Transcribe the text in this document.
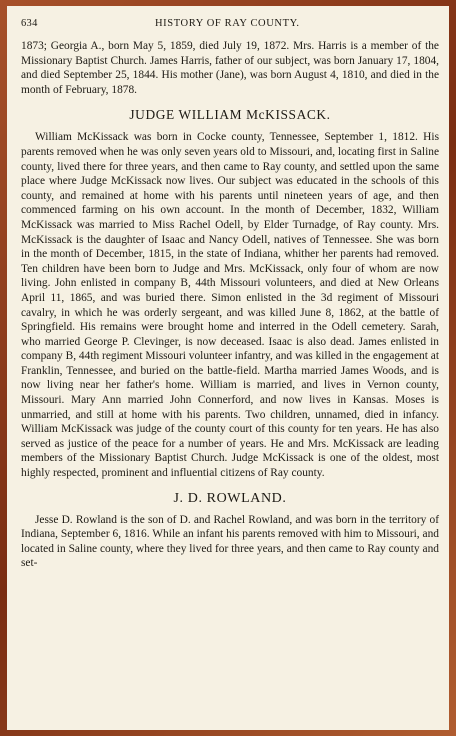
634	HISTORY OF RAY COUNTY.

1873; Georgia A., born May 5, 1859, died July 19, 1872. Mrs. Harris is a member of the Missionary Baptist Church. James Harris, father of our subject, was born January 17, 1804, and died September 25, 1844. His mother (Jane), was born August 4, 1810, and died in the month of February, 1878.

JUDGE WILLIAM McKISSACK.

William McKissack was born in Cocke county, Tennessee, September 1, 1812. His parents removed when he was only seven years old to Missouri, and, locating first in Saline county, lived there for three years, and then came to Ray county, and settled upon the same place where Judge McKissack now lives. Our subject was educated in the schools of this county, and remained at home with his parents until nineteen years of age, and then commenced farming on his own account. In the month of December, 1832, William McKissack was married to Miss Rachel Odell, by Elder Turnadge, of Ray county. Mrs. McKissack is the daughter of Isaac and Nancy Odell, natives of Tennessee. She was born in the month of December, 1815, in the state of Indiana, whither her parents had removed. Ten children have been born to Judge and Mrs. McKissack, only four of whom are now living. John enlisted in company B, 44th Missouri volunteers, and died at New Orleans April 11, 1865, and was buried there. Simon enlisted in the 3d regiment of Missouri cavalry, in which he was orderly sergeant, and was killed June 8, 1862, at the battle of Springfield. His remains were brought home and interred in the Odell cemetery. Sarah, who married George P. Clevinger, is now deceased. Isaac is also dead. James enlisted in company B, 44th regiment Missouri volunteer infantry, and was killed in the engagement at Franklin, Tennessee, and buried on the battle-field. Martha married James Woods, and is now living near her father's home. William is married, and lives in Vernon county, Missouri. Mary Ann married John Connerford, and now lives in Kansas. Moses is unmarried, and still at home with his parents. Two children, unnamed, died in infancy. William McKissack was judge of the county court of this county for ten years. He has also served as justice of the peace for a number of years. He and Mrs. McKissack are leading members of the Missionary Baptist Church. Judge McKissack is one of the oldest, most highly respected, prominent and influential citizens of Ray county.

J. D. ROWLAND.

Jesse D. Rowland is the son of D. and Rachel Rowland, and was born in the territory of Indiana, September 6, 1816. While an infant his parents removed with him to Missouri, and located in Saline county, where they lived for three years, and then came to Ray county and set-
